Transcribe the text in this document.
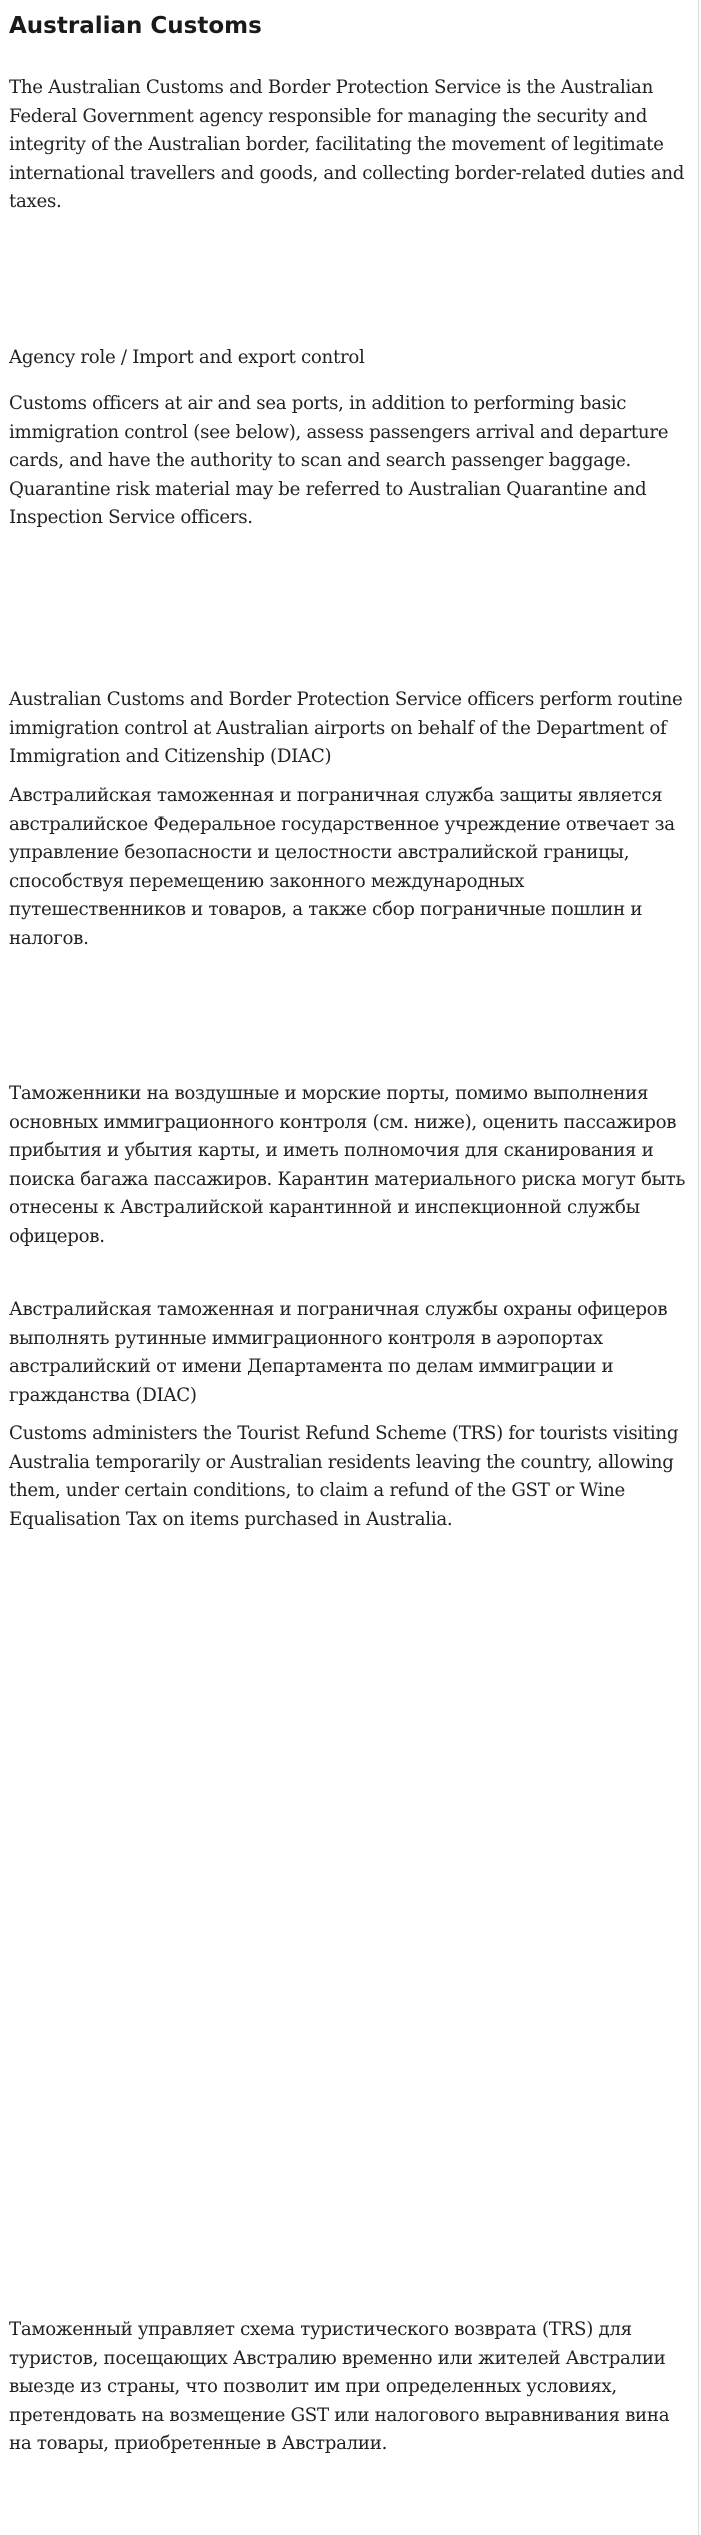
Australian Customs

The Australian Customs and Border Protection Service is the Australian Federal Government agency responsible for managing the security and integrity of the Australian border, facilitating the movement of legitimate international travellers and goods, and collecting border-related duties and taxes.

Agency role / Import and export control

Customs officers at air and sea ports, in addition to performing basic immigration control (see below), assess passengers arrival and departure cards, and have the authority to scan and search passenger baggage. Quarantine risk material may be referred to Australian Quarantine and Inspection Service officers.

Australian Customs and Border Protection Service officers perform routine immigration control at Australian airports on behalf of the Department of Immigration and Citizenship (DIAC)

Австралийская таможенная и пограничная служба защиты является австралийское Федеральное государственное учреждение отвечает за управление безопасности и целостности австралийской границы, способствуя перемещению законного международных путешественников и товаров, а также сбор пограничные пошлин и налогов.

Таможенники на воздушные и морские порты, помимо выполнения основных иммиграционного контроля (см. ниже), оценить пассажиров прибытия и убытия карты, и иметь полномочия для сканирования и поиска багажа пассажиров. Карантин материального риска могут быть отнесены к Австралийской карантинной и инспекционной службы офицеров.

Австралийская таможенная и пограничная службы охраны офицеров выполнять рутинные иммиграционного контроля в аэропортах австралийский от имени Департамента по делам иммиграции и гражданства (DIAC)

Customs administers the Tourist Refund Scheme (TRS) for tourists visiting Australia temporarily or Australian residents leaving the country, allowing them, under certain conditions, to claim a refund of the GST or Wine Equalisation Tax on items purchased in Australia.

Таможенный управляет схема туристического возврата (TRS) для туристов, посещающих Австралию временно или жителей Австралии выезде из страны, что позволит им при определенных условиях, претендовать на возмещение GST или налогового выравнивания вина на товары, приобретенные в Австралии.
